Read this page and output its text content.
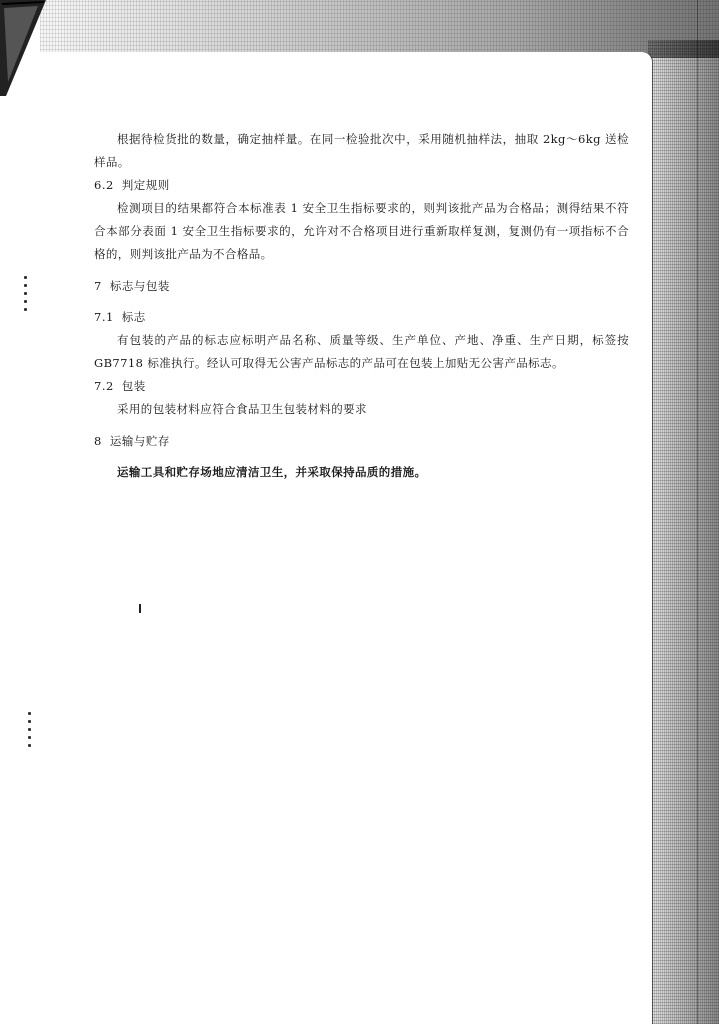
根据待检货批的数量，确定抽样量。在同一检验批次中，采用随机抽样法，抽取 2kg～6kg 送检样品。

6.2 判定规则

检测项目的结果都符合本标准表 1 安全卫生指标要求的，则判该批产品为合格品；测得结果不符合本部分表面 1 安全卫生指标要求的，允许对不合格项目进行重新取样复测，复测仍有一项指标不合格的，则判该批产品为不合格品。

7 标志与包装

7.1 标志

有包装的产品的标志应标明产品名称、质量等级、生产单位、产地、净重、生产日期，标签按 GB7718 标准执行。经认可取得无公害产品标志的产品可在包装上加贴无公害产品标志。

7.2 包装

采用的包装材料应符合食品卫生包装材料的要求

8 运输与贮存

运输工具和贮存场地应清洁卫生，并采取保持品质的措施。
